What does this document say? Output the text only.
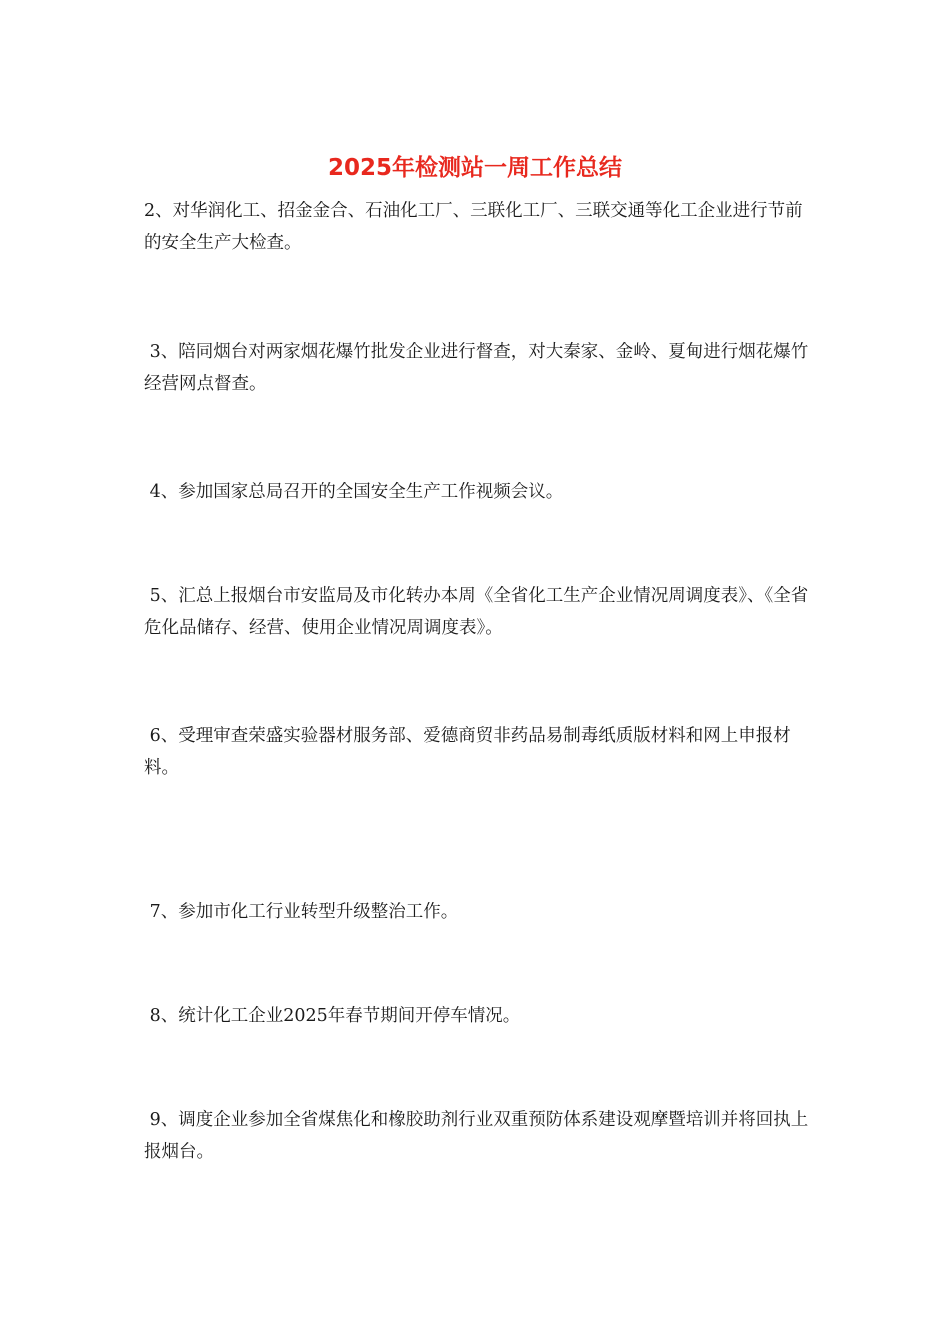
2025年检测站一周工作总结

2、对华润化工、招金金合、石油化工厂、三联化工厂、三联交通等化工企业进行节前的安全生产大检查。

3、陪同烟台对两家烟花爆竹批发企业进行督查，对大秦家、金岭、夏甸进行烟花爆竹经营网点督查。

4、参加国家总局召开的全国安全生产工作视频会议。

5、汇总上报烟台市安监局及市化转办本周《全省化工生产企业情况周调度表》、《全省危化品储存、经营、使用企业情况周调度表》。

6、受理审查荣盛实验器材服务部、爱德商贸非药品易制毒纸质版材料和网上申报材料。

7、参加市化工行业转型升级整治工作。

8、统计化工企业2025年春节期间开停车情况。

9、调度企业参加全省煤焦化和橡胶助剂行业双重预防体系建设观摩暨培训并将回执上报烟台。
